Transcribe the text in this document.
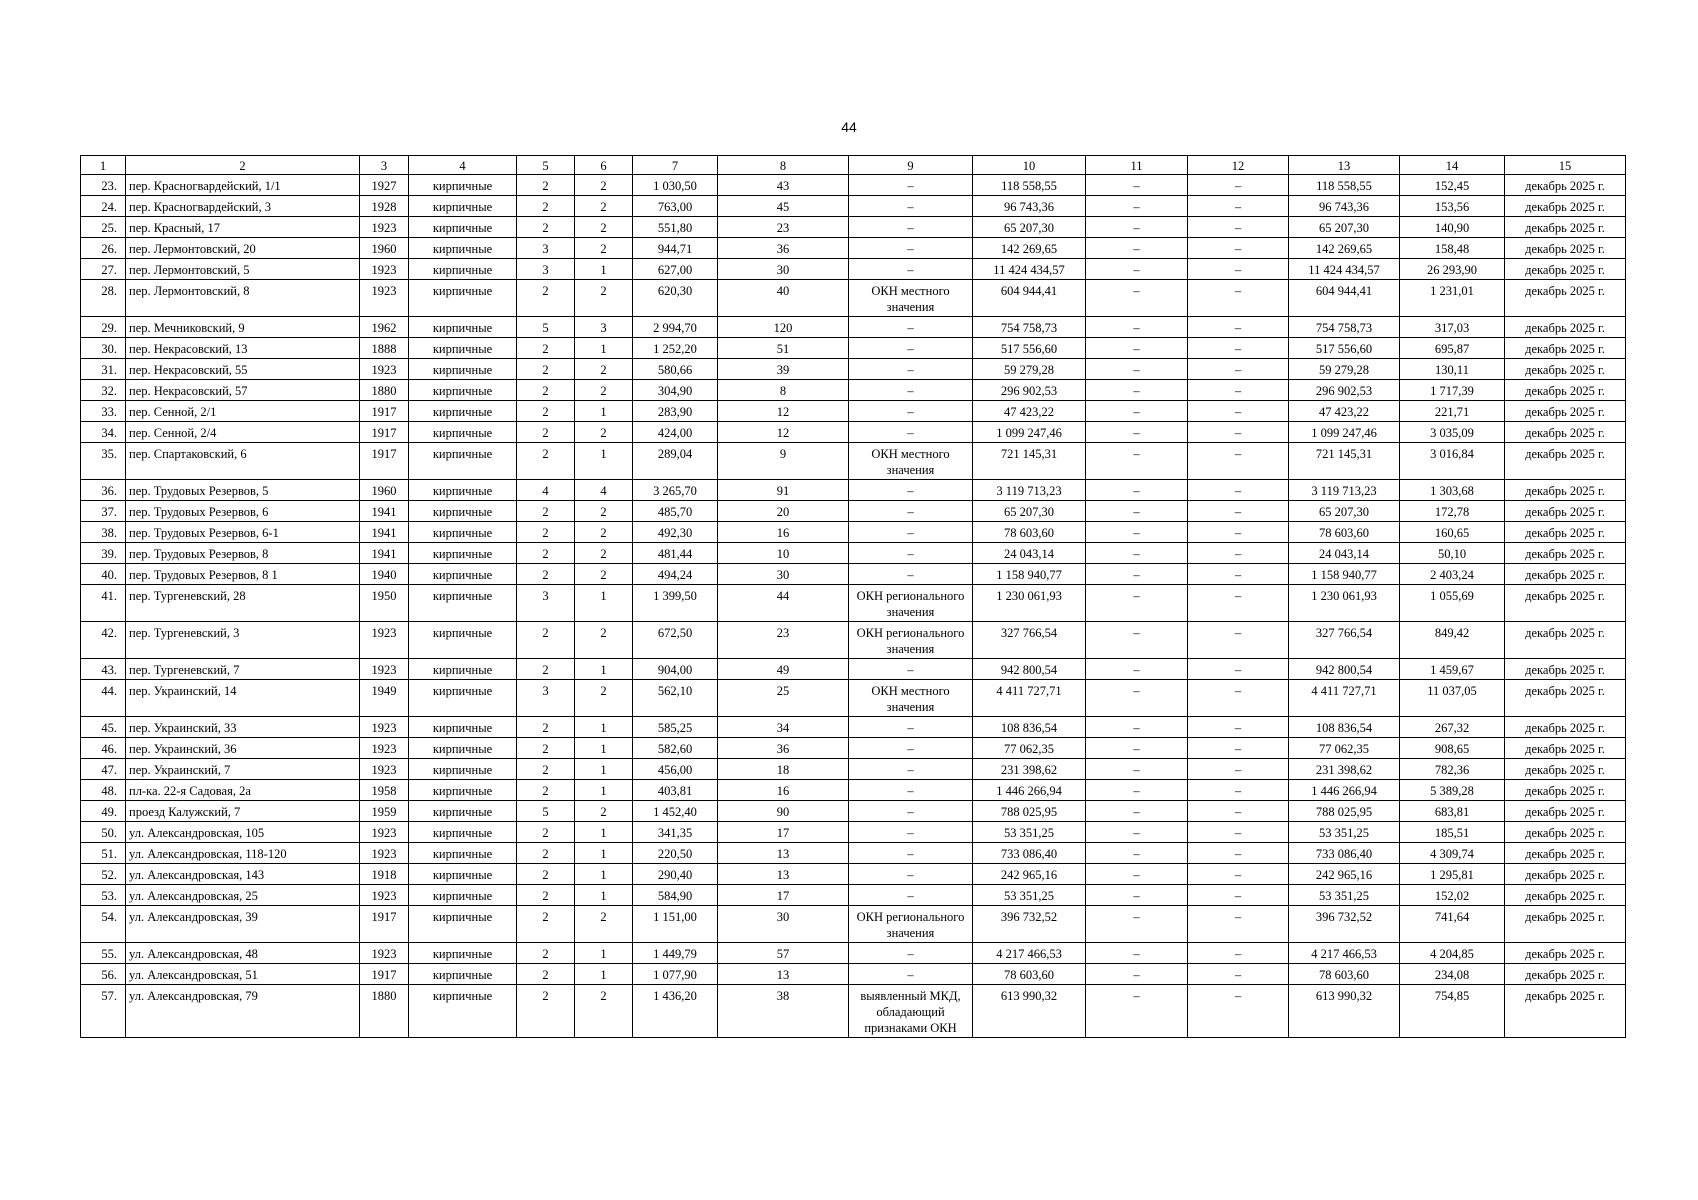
44
1	2	3	4	5	6	7	8	9	10	11	12	13	14	15
23.	пер. Красногвардейский, 1/1	1927	кирпичные	2	2	1 030,50	43	–	118 558,55	–	–	118 558,55	152,45	декабрь 2025 г.
24.	пер. Красногвардейский, 3	1928	кирпичные	2	2	763,00	45	–	96 743,36	–	–	96 743,36	153,56	декабрь 2025 г.
25.	пер. Красный, 17	1923	кирпичные	2	2	551,80	23	–	65 207,30	–	–	65 207,30	140,90	декабрь 2025 г.
26.	пер. Лермонтовский, 20	1960	кирпичные	3	2	944,71	36	–	142 269,65	–	–	142 269,65	158,48	декабрь 2025 г.
27.	пер. Лермонтовский, 5	1923	кирпичные	3	1	627,00	30	–	11 424 434,57	–	–	11 424 434,57	26 293,90	декабрь 2025 г.
28.	пер. Лермонтовский, 8	1923	кирпичные	2	2	620,30	40	ОКН местного значения	604 944,41	–	–	604 944,41	1 231,01	декабрь 2025 г.
29.	пер. Мечниковский, 9	1962	кирпичные	5	3	2 994,70	120	–	754 758,73	–	–	754 758,73	317,03	декабрь 2025 г.
30.	пер. Некрасовский, 13	1888	кирпичные	2	1	1 252,20	51	–	517 556,60	–	–	517 556,60	695,87	декабрь 2025 г.
31.	пер. Некрасовский, 55	1923	кирпичные	2	2	580,66	39	–	59 279,28	–	–	59 279,28	130,11	декабрь 2025 г.
32.	пер. Некрасовский, 57	1880	кирпичные	2	2	304,90	8	–	296 902,53	–	–	296 902,53	1 717,39	декабрь 2025 г.
33.	пер. Сенной, 2/1	1917	кирпичные	2	1	283,90	12	–	47 423,22	–	–	47 423,22	221,71	декабрь 2025 г.
34.	пер. Сенной, 2/4	1917	кирпичные	2	2	424,00	12	–	1 099 247,46	–	–	1 099 247,46	3 035,09	декабрь 2025 г.
35.	пер. Спартаковский, 6	1917	кирпичные	2	1	289,04	9	ОКН местного значения	721 145,31	–	–	721 145,31	3 016,84	декабрь 2025 г.
36.	пер. Трудовых Резервов, 5	1960	кирпичные	4	4	3 265,70	91	–	3 119 713,23	–	–	3 119 713,23	1 303,68	декабрь 2025 г.
37.	пер. Трудовых Резервов, 6	1941	кирпичные	2	2	485,70	20	–	65 207,30	–	–	65 207,30	172,78	декабрь 2025 г.
38.	пер. Трудовых Резервов, 6-1	1941	кирпичные	2	2	492,30	16	–	78 603,60	–	–	78 603,60	160,65	декабрь 2025 г.
39.	пер. Трудовых Резервов, 8	1941	кирпичные	2	2	481,44	10	–	24 043,14	–	–	24 043,14	50,10	декабрь 2025 г.
40.	пер. Трудовых Резервов, 8 1	1940	кирпичные	2	2	494,24	30	–	1 158 940,77	–	–	1 158 940,77	2 403,24	декабрь 2025 г.
41.	пер. Тургеневский, 28	1950	кирпичные	3	1	1 399,50	44	ОКН регионального значения	1 230 061,93	–	–	1 230 061,93	1 055,69	декабрь 2025 г.
42.	пер. Тургеневский, 3	1923	кирпичные	2	2	672,50	23	ОКН регионального значения	327 766,54	–	–	327 766,54	849,42	декабрь 2025 г.
43.	пер. Тургеневский, 7	1923	кирпичные	2	1	904,00	49	–	942 800,54	–	–	942 800,54	1 459,67	декабрь 2025 г.
44.	пер. Украинский, 14	1949	кирпичные	3	2	562,10	25	ОКН местного значения	4 411 727,71	–	–	4 411 727,71	11 037,05	декабрь 2025 г.
45.	пер. Украинский, 33	1923	кирпичные	2	1	585,25	34	–	108 836,54	–	–	108 836,54	267,32	декабрь 2025 г.
46.	пер. Украинский, 36	1923	кирпичные	2	1	582,60	36	–	77 062,35	–	–	77 062,35	908,65	декабрь 2025 г.
47.	пер. Украинский, 7	1923	кирпичные	2	1	456,00	18	–	231 398,62	–	–	231 398,62	782,36	декабрь 2025 г.
48.	пл-ка. 22-я Садовая, 2а	1958	кирпичные	2	1	403,81	16	–	1 446 266,94	–	–	1 446 266,94	5 389,28	декабрь 2025 г.
49.	проезд Калужский, 7	1959	кирпичные	5	2	1 452,40	90	–	788 025,95	–	–	788 025,95	683,81	декабрь 2025 г.
50.	ул. Александровская, 105	1923	кирпичные	2	1	341,35	17	–	53 351,25	–	–	53 351,25	185,51	декабрь 2025 г.
51.	ул. Александровская, 118-120	1923	кирпичные	2	1	220,50	13	–	733 086,40	–	–	733 086,40	4 309,74	декабрь 2025 г.
52.	ул. Александровская, 143	1918	кирпичные	2	1	290,40	13	–	242 965,16	–	–	242 965,16	1 295,81	декабрь 2025 г.
53.	ул. Александровская, 25	1923	кирпичные	2	1	584,90	17	–	53 351,25	–	–	53 351,25	152,02	декабрь 2025 г.
54.	ул. Александровская, 39	1917	кирпичные	2	2	1 151,00	30	ОКН регионального значения	396 732,52	–	–	396 732,52	741,64	декабрь 2025 г.
55.	ул. Александровская, 48	1923	кирпичные	2	1	1 449,79	57	–	4 217 466,53	–	–	4 217 466,53	4 204,85	декабрь 2025 г.
56.	ул. Александровская, 51	1917	кирпичные	2	1	1 077,90	13	–	78 603,60	–	–	78 603,60	234,08	декабрь 2025 г.
57.	ул. Александровская, 79	1880	кирпичные	2	2	1 436,20	38	выявленный МКД, обладающий признаками ОКН	613 990,32	–	–	613 990,32	754,85	декабрь 2025 г.
